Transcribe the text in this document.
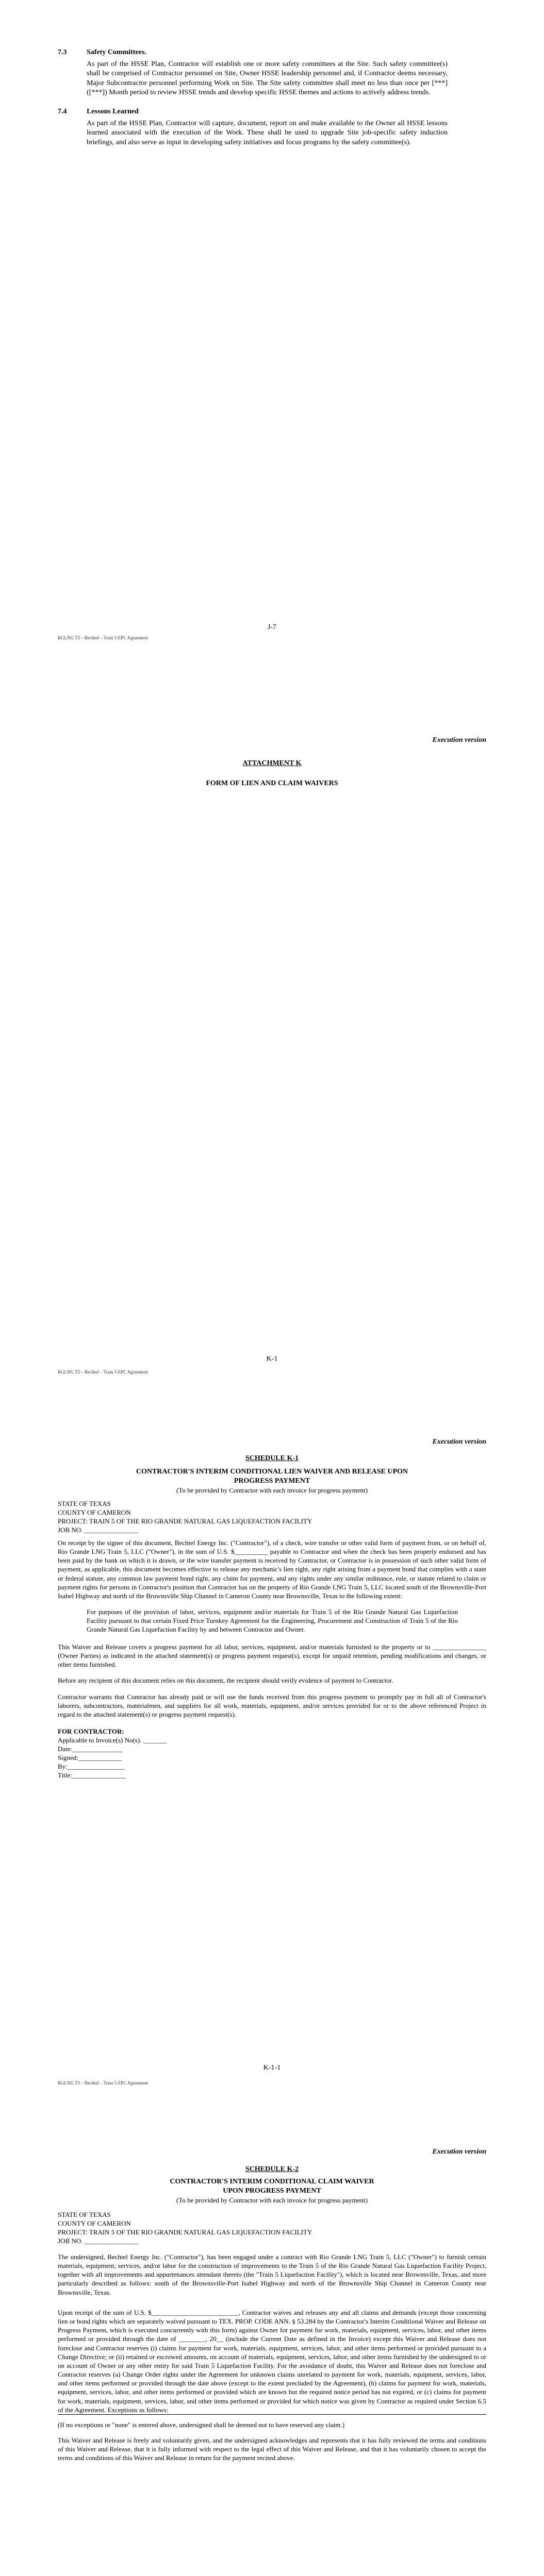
7.3	Safety Committees.
As part of the HSSE Plan, Contractor will establish one or more safety committees at the Site. Such safety committee(s) shall be comprised of Contractor personnel on Site, Owner HSSE leadership personnel and, if Contractor deems necessary, Major Subcontractor personnel performing Work on Site. The Site safety committee shall meet no less than once per [***] ([***]) Month period to review HSSE trends and develop specific HSSE themes and actions to actively address trends.
7.4	Lessons Learned
As part of the HSSE Plan, Contractor will capture, document, report on and make available to the Owner all HSSE lessons learned associated with the execution of the Work. These shall be used to upgrade Site job-specific safety induction briefings, and also serve as input in developing safety initiatives and focus programs by the safety committee(s).
J-7
RGLNG T5 – Bechtel – Train 5 EPC Agreement
Execution version
ATTACHMENT K
FORM OF LIEN AND CLAIM WAIVERS
K-1
RGLNG T5 – Bechtel – Train 5 EPC Agreement
Execution version
SCHEDULE K-1
CONTRACTOR'S INTERIM CONDITIONAL LIEN WAIVER AND RELEASE UPON
PROGRESS PAYMENT
(To be provided by Contractor with each invoice for progress payment)
STATE OF TEXAS
COUNTY OF CAMERON
PROJECT: TRAIN 5 OF THE RIO GRANDE NATURAL GAS LIQUEFACTION FACILITY
JOB NO. ________________
On receipt by the signer of this document, Bechtel Energy Inc. ("Contractor"), of a check, wire transfer or other valid form of payment from, or on behalf of, Rio Grande LNG Train 5, LLC ("Owner"), in the sum of U.S. $__________ payable to Contractor and when the check has been properly endorsed and has been paid by the bank on which it is drawn, or the wire transfer payment is received by Contractor, or Contractor is in possession of such other valid form of payment, as applicable, this document becomes effective to release any mechanic's lien right, any right arising from a payment bond that complies with a state or federal statute, any common law payment bond right, any claim for payment, and any rights under any similar ordinance, rule, or statute related to claim or payment rights for persons in Contractor's position that Contractor has on the property of Rio Grande LNG Train 5, LLC located south of the Brownsville-Port Isabel Highway and north of the Brownsville Ship Channel in Cameron County near Brownsville, Texas to the following extent:
For purposes of the provision of labor, services, equipment and/or materials for Train 5 of the Rio Grande Natural Gas Liquefaction Facility pursuant to that certain Fixed Price Turnkey Agreement for the Engineering, Procurement and Construction of Train 5 of the Rio Grande Natural Gas Liquefaction Facility by and between Contractor and Owner.
This Waiver and Release covers a progress payment for all labor, services, equipment, and/or materials furnished to the property or to ________________ (Owner Parties) as indicated in the attached statement(s) or progress payment request(s), except for unpaid retention, pending modifications and changes, or other items furnished.
Before any recipient of this document relies on this document, the recipient should verify evidence of payment to Contractor.
Contractor warrants that Contractor has already paid or will use the funds received from this progress payment to promptly pay in full all of Contractor's laborers, subcontractors, materialmen, and suppliers for all work, materials, equipment, and/or services provided for or to the above referenced Project in regard to the attached statement(s) or progress payment request(s).
FOR CONTRACTOR:
Applicable to Invoice(s) No(s). _______
Date:_______________
Signed:_____________
By:_________________
Title:________________
K-1-1
RGLNG T5 – Bechtel – Train 5 EPC Agreement
Execution version
SCHEDULE K-2
CONTRACTOR'S INTERIM CONDITIONAL CLAIM WAIVER
UPON PROGRESS PAYMENT
(To be provided by Contractor with each invoice for progress payment)
STATE OF TEXAS
COUNTY OF CAMERON
PROJECT: TRAIN 5 OF THE RIO GRANDE NATURAL GAS LIQUEFACTION FACILITY
JOB NO. ________________
The undersigned, Bechtel Energy Inc. ("Contractor"), has been engaged under a contract with Rio Grande LNG Train 5, LLC ("Owner") to furnish certain materials, equipment, services, and/or labor for the construction of improvements to the Train 5 of the Rio Grande Natural Gas Liquefaction Facility Project, together with all improvements and appurtenances attendant thereto (the "Train 5 Liquefaction Facility"), which is located near Brownsville, Texas, and more particularly described as follows: south of the Brownsville-Port Isabel Highway and north of the Brownsville Ship Channel in Cameron County near Brownsville, Texas.
Upon receipt of the sum of U.S. $__________________________, Contractor waives and releases any and all claims and demands (except those concerning lien or bond rights which are separately waived pursuant to TEX. PROP. CODE ANN. § 53.284 by the Contractor's Interim Conditional Waiver and Release on Progress Payment, which is executed concurrently with this form) against Owner for payment for work, materials, equipment, services, labor, and other items performed or provided through the date of ________, 20__ (include the Current Date as defined in the Invoice) except this Waiver and Release does not foreclose and Contractor reserves (i) claims for payment for work, materials, equipment, services, labor, and other items performed or provided pursuant to a Change Directive; or (ii) retained or escrowed amounts, on account of materials, equipment, services, labor, and other items furnished by the undersigned to or on account of Owner or any other entity for said Train 5 Liquefaction Facility. For the avoidance of doubt, this Waiver and Release does not foreclose and Contractor reserves (a) Change Order rights under the Agreement for unknown claims unrelated to payment for work, materials, equipment, services, labor, and other items performed or provided through the date above (except to the extent precluded by the Agreement), (b) claims for payment for work, materials, equipment, services, labor, and other items performed or provided which are known but the required notice period has not expired, or (c) claims for payment for work, materials, equipment, services, labor, and other items performed or provided for which notice was given by Contractor as required under Section 6.5 of the Agreement. Exceptions as follows:
(If no exceptions or "none" is entered above, undersigned shall be deemed not to have reserved any claim.)
This Waiver and Release is freely and voluntarily given, and the undersigned acknowledges and represents that it has fully reviewed the terms and conditions of this Waiver and Release, that it is fully informed with respect to the legal effect of this Waiver and Release, and that it has voluntarily chosen to accept the terms and conditions of this Waiver and Release in return for the payment recited above.
